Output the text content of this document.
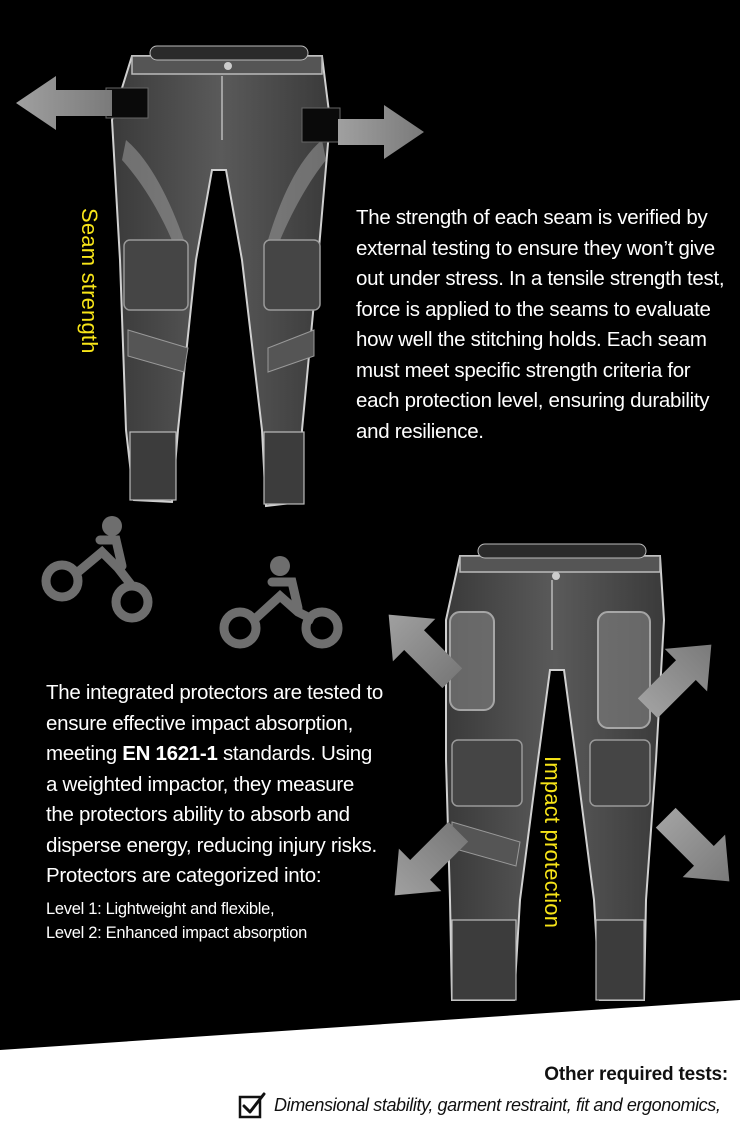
Seam strength
Impact protection
The strength of each seam is verified by external testing to ensure they won’t give out under stress. In a tensile strength test, force is applied to the seams to evaluate how well the stitching holds. Each seam must meet specific strength criteria for each protection level, ensuring durability and resilience.
The integrated protectors are tested to ensure effective impact absorption, meeting EN 1621-1 standards. Using a weighted impactor, they measure the protectors ability to absorb and disperse energy, reducing injury risks. Protectors are categorized into:
Level 1: Lightweight and flexible,
Level 2: Enhanced impact absorption
Other required tests:
Dimensional stability, garment restraint, fit and ergonomics,
